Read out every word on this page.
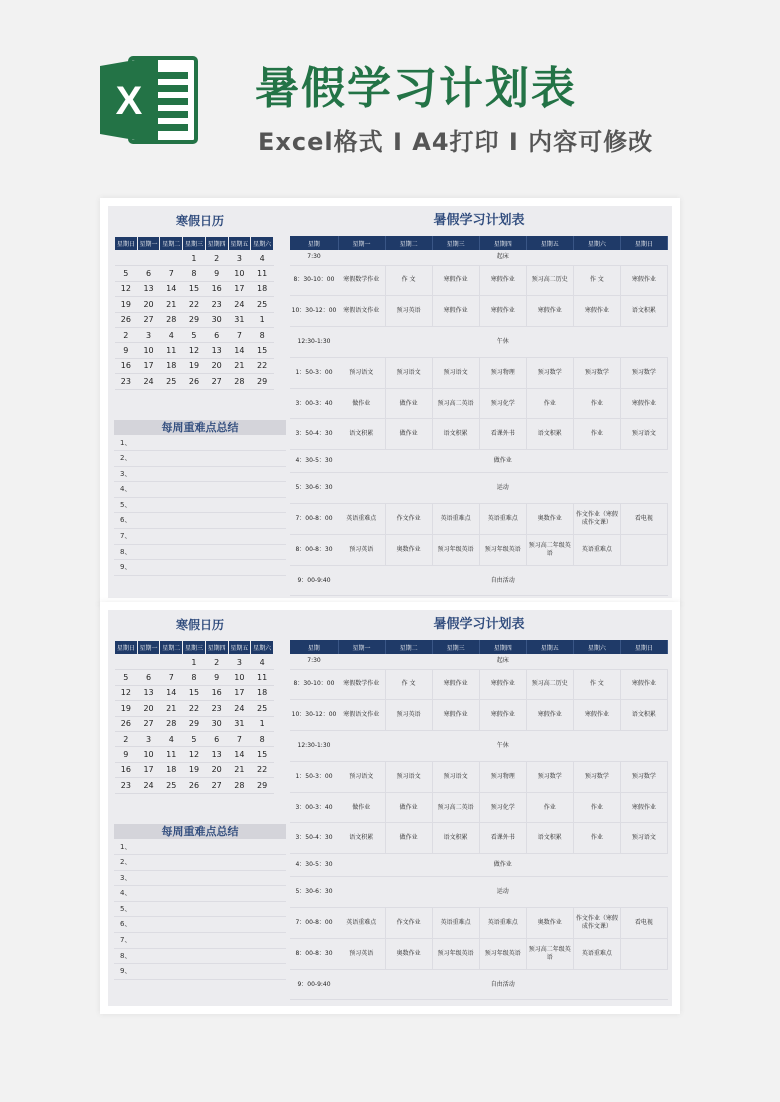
X	暑假学习计划表
Excel格式 I A4打印 I 内容可修改
寒假日历
星期日	星期一	星期二	星期三	星期四	星期五	星期六
			1	2	3	4
5	6	7	8	9	10	11
12	13	14	15	16	17	18
19	20	21	22	23	24	25
26	27	28	29	30	31	1
2	3	4	5	6	7	8
9	10	11	12	13	14	15
16	17	18	19	20	21	22
23	24	25	26	27	28	29
每周重难点总结
1、
2、
3、
4、
5、
6、
7、
8、
9、
暑假学习计划表
星期	星期一	星期二	星期三	星期四	星期五	星期六	星期日
7:30	起床						
8：30-10：00	寒假数学作业	作 文	寒假作业	寒假作业	预习高二历史	作 文	寒假作业
10：30-12：00	寒假语文作业	预习英语	寒假作业	寒假作业	寒假作业	寒假作业	语文积累
12:30-1:30	午休						
1：50-3：00	预习语文	预习语文	预习语文	预习物理	预习数学	预习数学	预习数学
3：00-3：40	做作业	做作业	预习高二英语	预习化学	作业	作业	寒假作业
3：50-4：30	语文积累	做作业	语文积累	看课外书	语文积累	作业	预习语文
4：30-5：30	做作业						
5：30-6：30	运动						
7：00-8：00	英语重难点	作文作业	英语重难点	英语重难点	奥数作业	作文作业（寒假成作文课）	看电视
8：00-8：30	预习英语	奥数作业	预习年级英语	预习年级英语	预习高二年级英语	英语重难点	
9：00-9:40	自由活动						
寒假日历
星期日	星期一	星期二	星期三	星期四	星期五	星期六
			1	2	3	4
5	6	7	8	9	10	11
12	13	14	15	16	17	18
19	20	21	22	23	24	25
26	27	28	29	30	31	1
2	3	4	5	6	7	8
9	10	11	12	13	14	15
16	17	18	19	20	21	22
23	24	25	26	27	28	29
每周重难点总结
1、
2、
3、
4、
5、
6、
7、
8、
9、
暑假学习计划表
星期	星期一	星期二	星期三	星期四	星期五	星期六	星期日
7:30	起床						
8：30-10：00	寒假数学作业	作 文	寒假作业	寒假作业	预习高二历史	作 文	寒假作业
10：30-12：00	寒假语文作业	预习英语	寒假作业	寒假作业	寒假作业	寒假作业	语文积累
12:30-1:30	午休						
1：50-3：00	预习语文	预习语文	预习语文	预习物理	预习数学	预习数学	预习数学
3：00-3：40	做作业	做作业	预习高二英语	预习化学	作业	作业	寒假作业
3：50-4：30	语文积累	做作业	语文积累	看课外书	语文积累	作业	预习语文
4：30-5：30	做作业						
5：30-6：30	运动						
7：00-8：00	英语重难点	作文作业	英语重难点	英语重难点	奥数作业	作文作业（寒假成作文课）	看电视
8：00-8：30	预习英语	奥数作业	预习年级英语	预习年级英语	预习高二年级英语	英语重难点	
9：00-9:40	自由活动						
